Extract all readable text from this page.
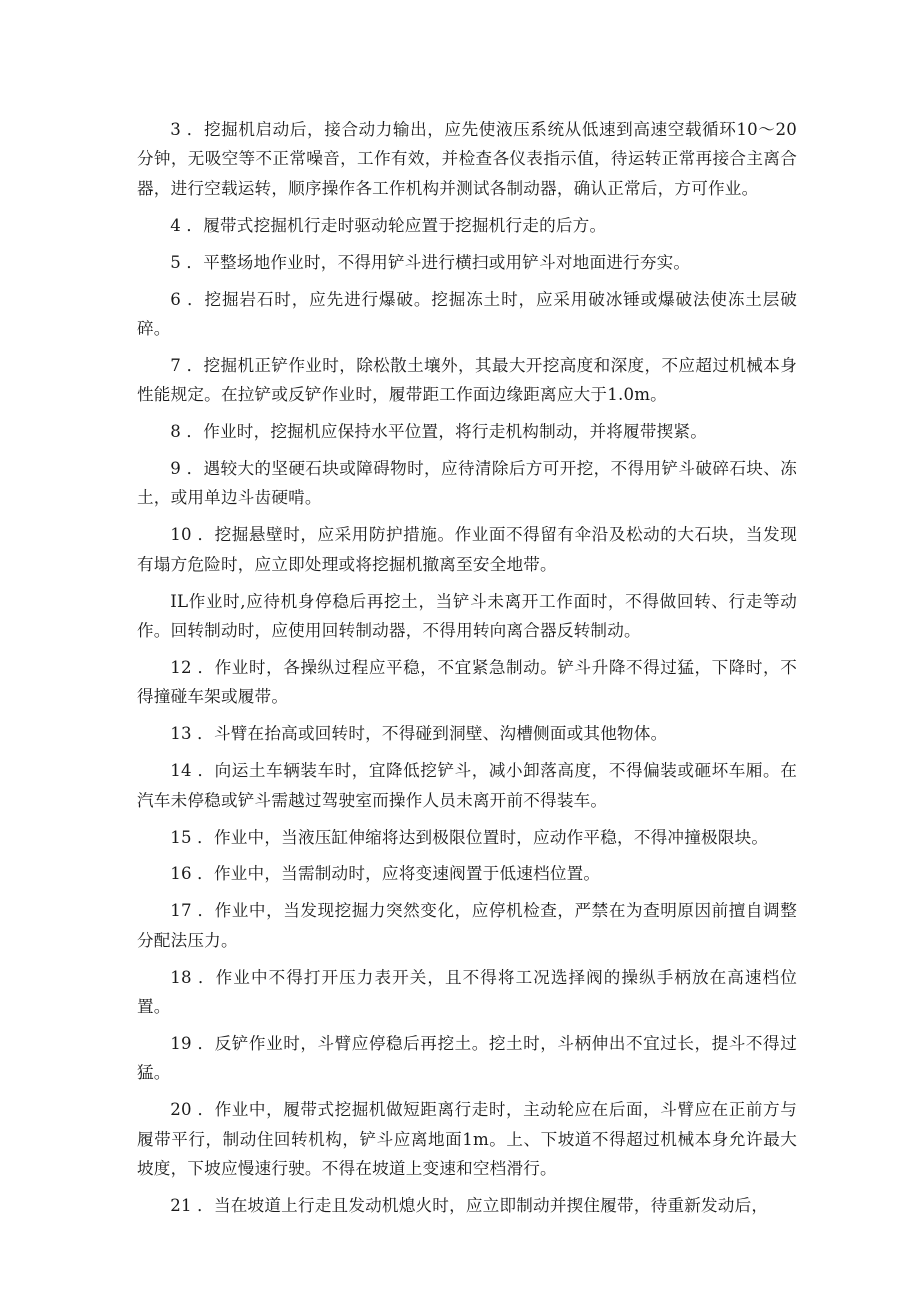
3 ．挖掘机启动后，接合动力输出，应先使液压系统从低速到高速空载循环10～20分钟，无吸空等不正常噪音，工作有效，并检查各仪表指示值，待运转正常再接合主离合器，进行空载运转，顺序操作各工作机构并测试各制动器，确认正常后，方可作业。

4 ．履带式挖掘机行走时驱动轮应置于挖掘机行走的后方。

5 ．平整场地作业时，不得用铲斗进行横扫或用铲斗对地面进行夯实。

6 ．挖掘岩石时，应先进行爆破。挖掘冻土时，应采用破冰锤或爆破法使冻土层破碎。

7 ．挖掘机正铲作业时，除松散土壤外，其最大开挖高度和深度，不应超过机械本身性能规定。在拉铲或反铲作业时，履带距工作面边缘距离应大于1.0m。

8 ．作业时，挖掘机应保持水平位置，将行走机构制动，并将履带揳紧。

9 ．遇较大的坚硬石块或障碍物时，应待清除后方可开挖，不得用铲斗破碎石块、冻土，或用单边斗齿硬啃。

10 ．挖掘悬壁时，应采用防护措施。作业面不得留有伞沿及松动的大石块，当发现有塌方危险时，应立即处理或将挖掘机撤离至安全地带。

IL作业时,应待机身停稳后再挖土，当铲斗未离开工作面时，不得做回转、行走等动作。回转制动时，应使用回转制动器，不得用转向离合器反转制动。

12 ．作业时，各操纵过程应平稳，不宜紧急制动。铲斗升降不得过猛，下降时，不得撞碰车架或履带。

13 ．斗臂在抬高或回转时，不得碰到洞壁、沟槽侧面或其他物体。

14 ．向运土车辆装车时，宜降低挖铲斗，减小卸落高度，不得偏装或砸坏车厢。在汽车未停稳或铲斗需越过驾驶室而操作人员未离开前不得装车。

15 ．作业中，当液压缸伸缩将达到极限位置时，应动作平稳，不得冲撞极限块。

16 ．作业中，当需制动时，应将变速阀置于低速档位置。

17 ．作业中，当发现挖掘力突然变化，应停机检查，严禁在为查明原因前擅自调整分配法压力。

18 ．作业中不得打开压力表开关，且不得将工况选择阀的操纵手柄放在高速档位置。

19 ．反铲作业时，斗臂应停稳后再挖土。挖土时，斗柄伸出不宜过长，提斗不得过猛。

20 ．作业中，履带式挖掘机做短距离行走时，主动轮应在后面，斗臂应在正前方与履带平行，制动住回转机构，铲斗应离地面1m。上、下坡道不得超过机械本身允许最大坡度，下坡应慢速行驶。不得在坡道上变速和空档滑行。

21 ．当在坡道上行走且发动机熄火时，应立即制动并揳住履带，待重新发动后，
